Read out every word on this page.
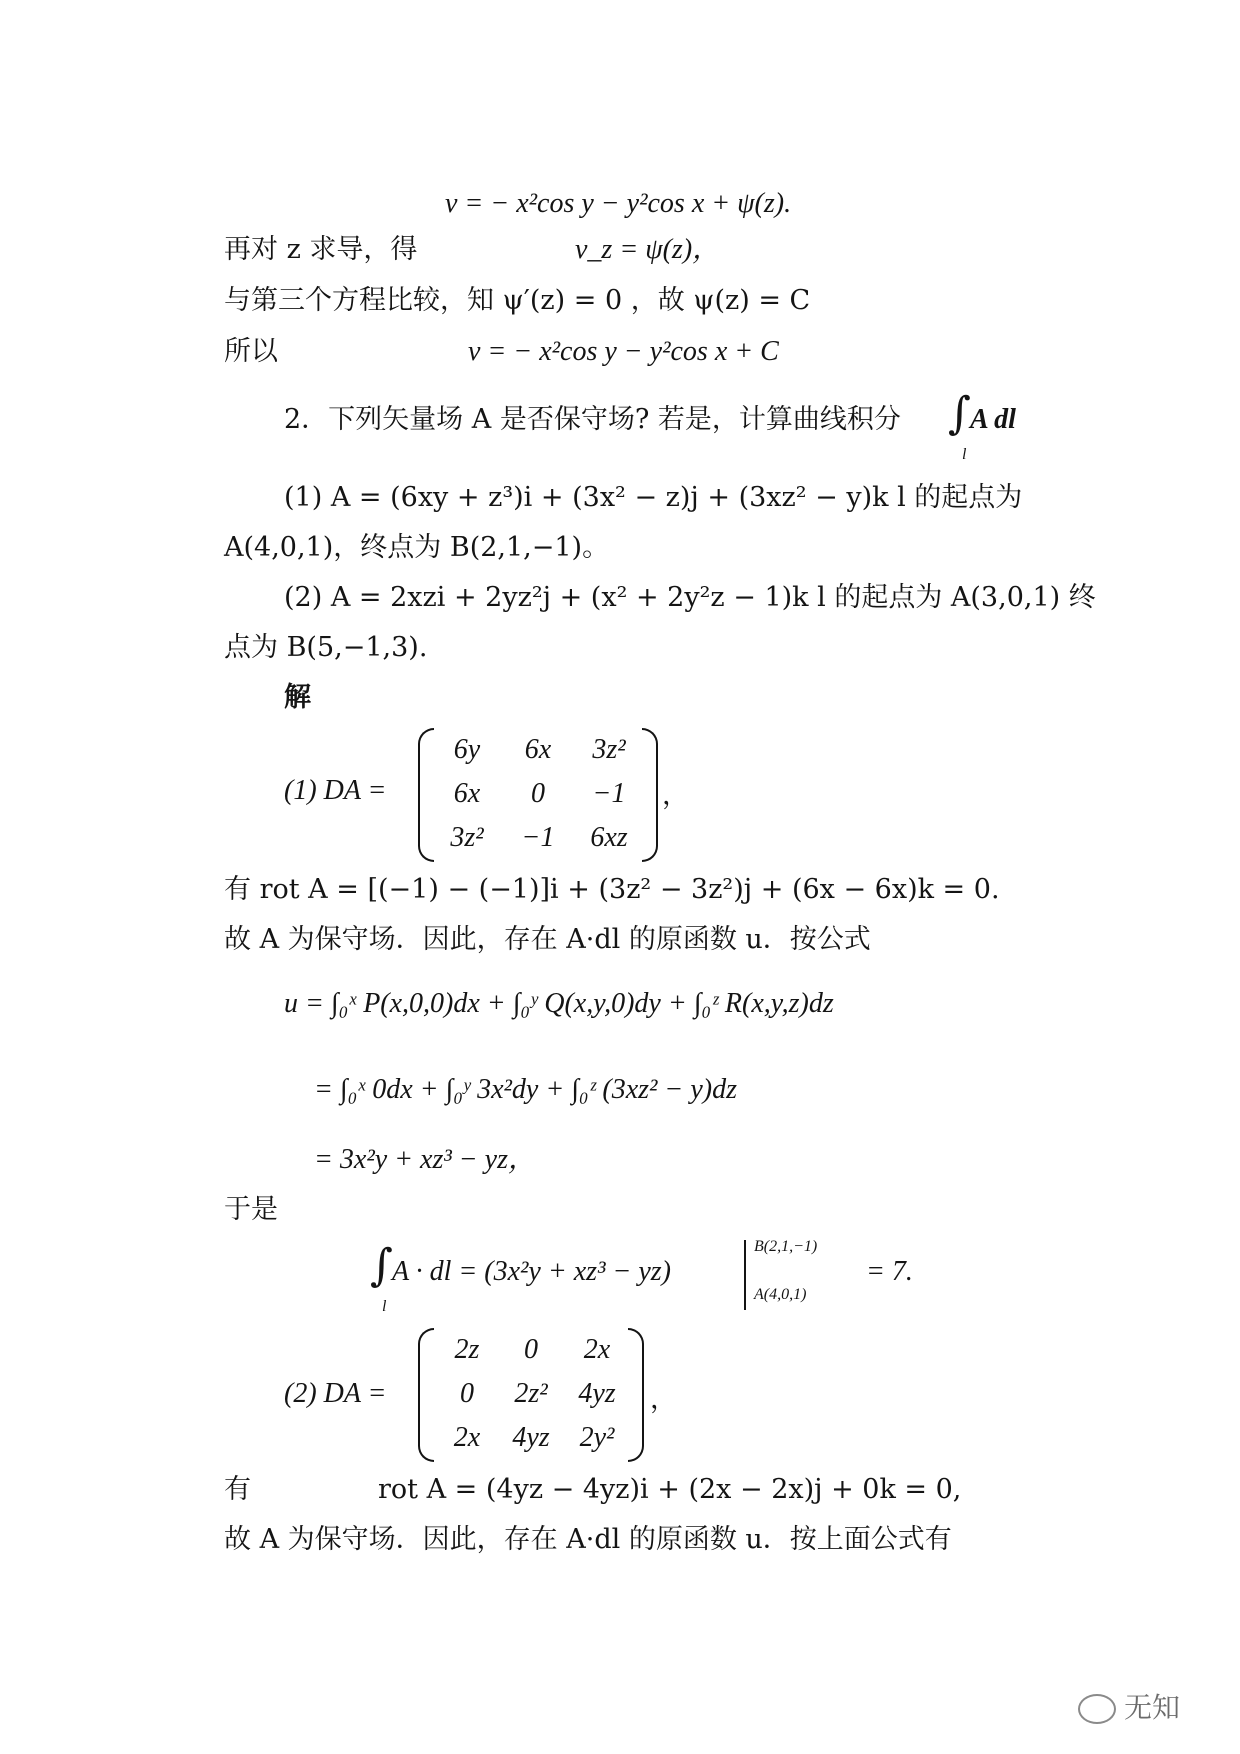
v = − x²cos y − y²cos x + ψ(z).
再对 z 求导，得	v_z = ψ(z)，
与第三个方程比较，知 ψ′(z) = 0 ，故 ψ(z) = C
所以	v = − x²cos y − y²cos x + C
2．下列矢量场 A 是否保守场? 若是，计算曲线积分 ∫ A dl
l
(1) A = (6xy + z³)i + (3x² − z)j + (3xz² − y)k l 的起点为
A(4,0,1)，终点为 B(2,1,−1)。
(2) A = 2xzi + 2yz²j + (x² + 2y²z − 1)k l 的起点为 A(3,0,1) 终
点为 B(5,−1,3).
解
(1) DA =
6y	6x	3z²
6x	0	−1
3z²	−1	6xz
，
有 rot A = [(−1) − (−1)]i + (3z² − 3z²)j + (6x − 6x)k = 0.
故 A 为保守场．因此，存在 A·dl 的原函数 u．按公式
u = ∫₀ˣ P(x,0,0)dx + ∫₀ʸ Q(x,y,0)dy + ∫₀ᶻ R(x,y,z)dz
= ∫₀ˣ 0dx + ∫₀ʸ 3x²dy + ∫₀ᶻ (3xz² − y)dz
= 3x²y + xz³ − yz，
于是
∫ A · dl = (3x²y + xz³ − yz)
B(2,1,−1)
A(4,0,1)
= 7.
l
(2) DA =
2z	0	2x
0	2z²	4yz
2x	4yz	2y²
，
有	rot A = (4yz − 4yz)i + (2x − 2x)j + 0k = 0,
故 A 为保守场．因此，存在 A·dl 的原函数 u．按上面公式有
无知
